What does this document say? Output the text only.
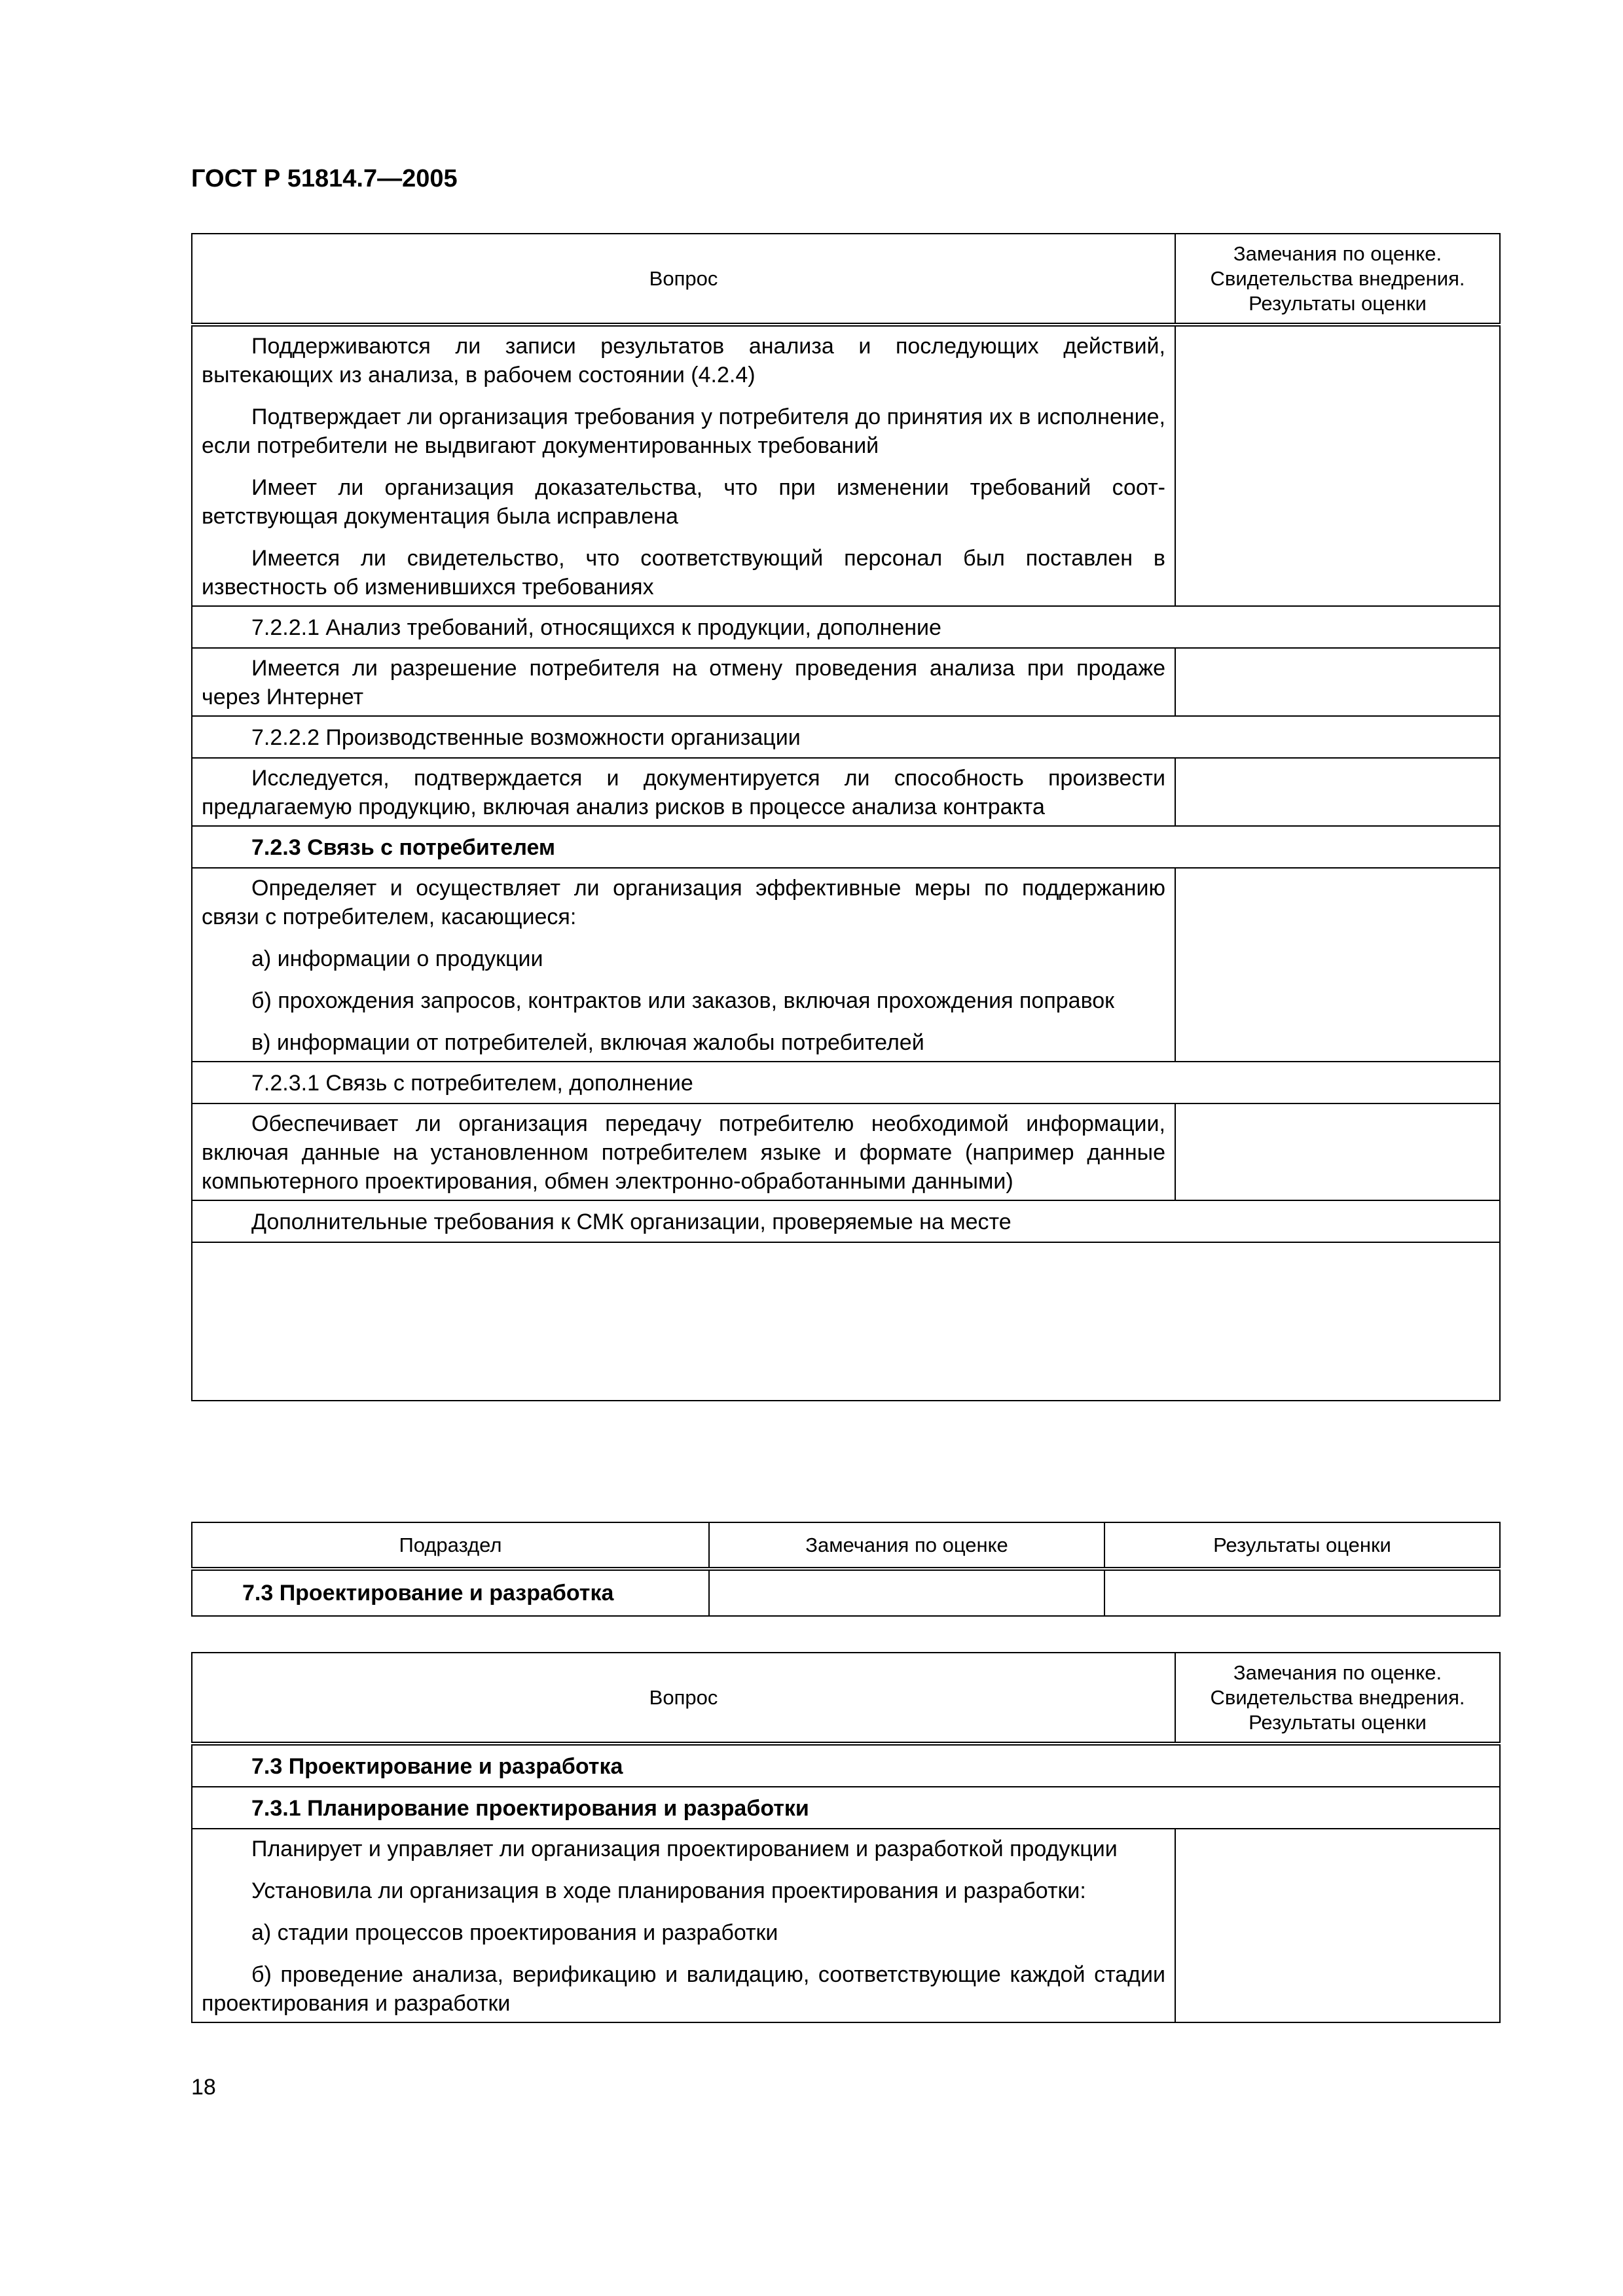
ГОСТ Р 51814.7—2005
Вопрос	Замечания по оценке. Свидетельства внедрения. Результаты оценки

Поддерживаются ли записи результатов анализа и последующих действий, вытекающих из анализа, в рабочем состоянии (4.2.4)

Подтверждает ли организация требования у потребителя до принятия их в исполнение, если потребители не выдвигают документированных требований

Имеет ли организация доказательства, что при изменении требований соответствующая документация была исправлена

Имеется ли свидетельство, что соответствующий персонал был поставлен в известность об изменившихся требованиях	

7.2.2.1 Анализ требований, относящихся к продукции, дополнение	

Имеется ли разрешение потребителя на отмену проведения анализа при продаже через Интернет	

7.2.2.2 Производственные возможности организации	

Исследуется, подтверждается и документируется ли способность произвести предлагаемую продукцию, включая анализ рисков в процессе анализа контракта	

7.2.3 Связь с потребителем	

Определяет и осуществляет ли организация эффективные меры по поддержанию связи с потребителем, касающиеся:

а) информации о продукции

б) прохождения запросов, контрактов или заказов, включая прохождения поправок

в) информации от потребителей, включая жалобы потребителей	

7.2.3.1 Связь с потребителем, дополнение	

Обеспечивает ли организация передачу потребителю необходимой информации, включая данные на установленном потребителем языке и формате (например данные компьютерного проектирования, обмен электронно-обработанными данными)	

Дополнительные требования к СМК организации, проверяемые на месте	

Подраздел	Замечания по оценке	Результаты оценки
7.3 Проектирование и разработка		
Вопрос	Замечания по оценке. Свидетельства внедрения. Результаты оценки
7.3 Проектирование и разработка	
7.3.1 Планирование проектирования и разработки	

Планирует и управляет ли организация проектированием и разработкой продукции

Установила ли организация в ходе планирования проектирования и разработки:

а) стадии процессов проектирования и разработки

б) проведение анализа, верификацию и валидацию, соответствующие каждой стадии проектирования и разработки	

18
